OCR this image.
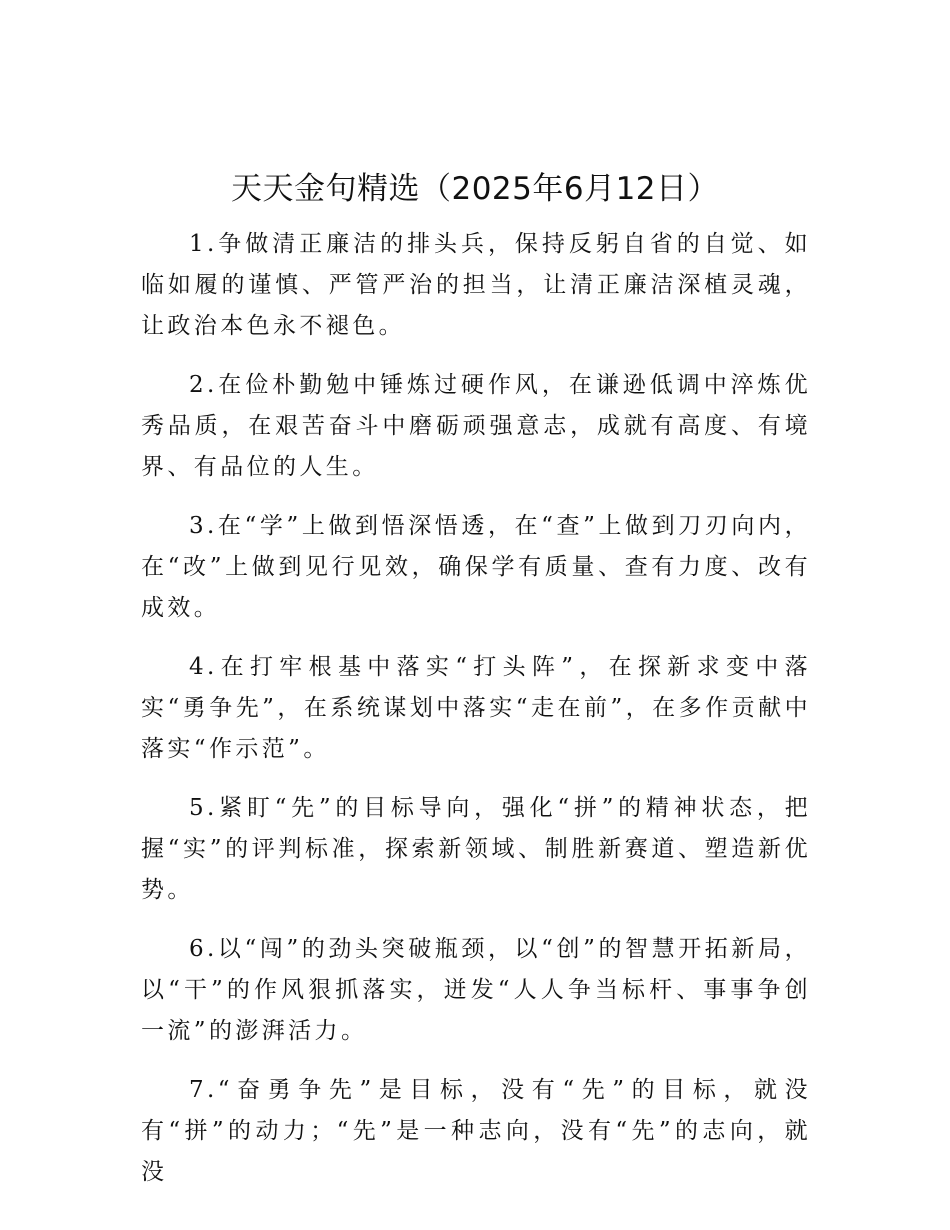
天天金句精选（2025年6月12日）

1.争做清正廉洁的排头兵，保持反躬自省的自觉、如临如履的谨慎、严管严治的担当，让清正廉洁深植灵魂，让政治本色永不褪色。

2.在俭朴勤勉中锤炼过硬作风，在谦逊低调中淬炼优秀品质，在艰苦奋斗中磨砺顽强意志，成就有高度、有境界、有品位的人生。

3.在“学”上做到悟深悟透，在“查”上做到刀刃向内，在“改”上做到见行见效，确保学有质量、查有力度、改有成效。

4.在打牢根基中落实“打头阵”，在探新求变中落实“勇争先”，在系统谋划中落实“走在前”，在多作贡献中落实“作示范”。

5.紧盯“先”的目标导向，强化“拼”的精神状态，把握“实”的评判标准，探索新领域、制胜新赛道、塑造新优势。

6.以“闯”的劲头突破瓶颈，以“创”的智慧开拓新局，以“干”的作风狠抓落实，迸发“人人争当标杆、事事争创一流”的澎湃活力。

7.“奋勇争先”是目标，没有“先”的目标，就没有“拼”的动力；“先”是一种志向，没有“先”的志向，就没
